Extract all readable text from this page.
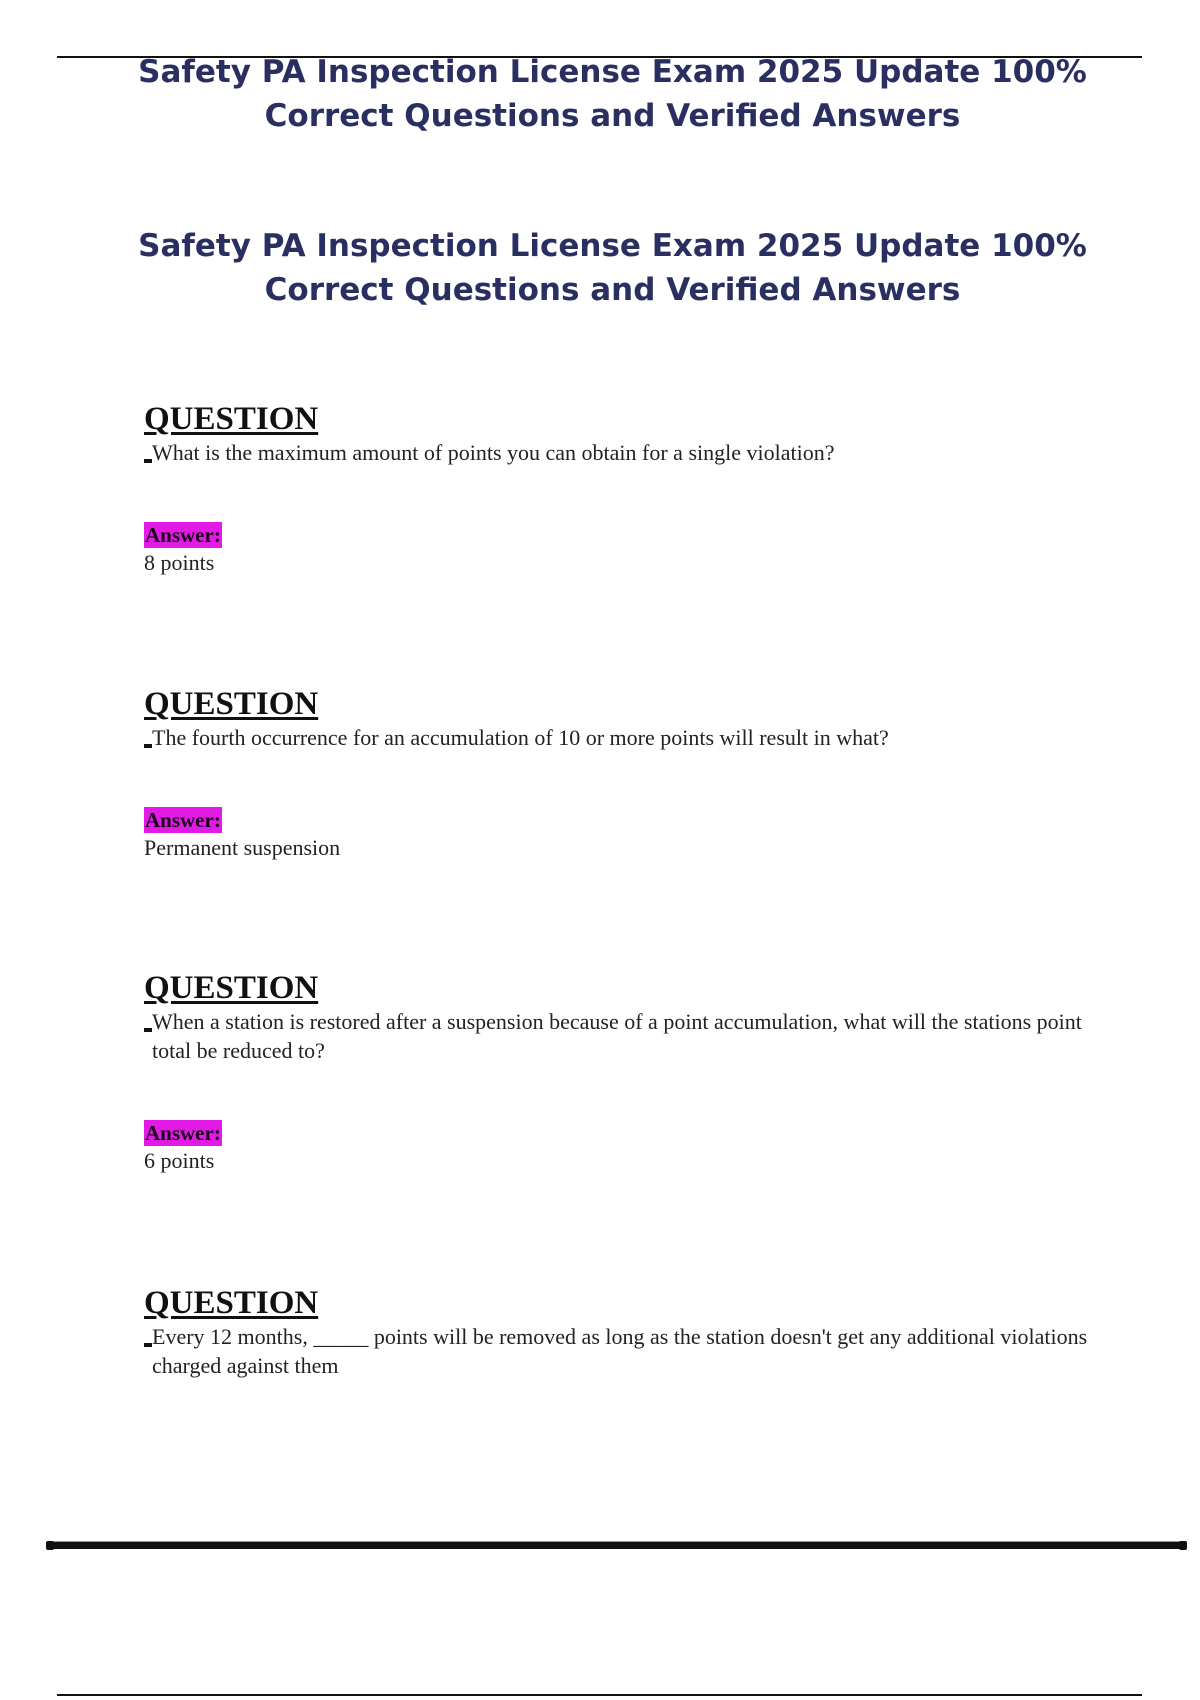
Safety PA Inspection License Exam 2025 Update 100%
Correct Questions and Verified Answers
Safety PA Inspection License Exam 2025 Update 100%
Correct Questions and Verified Answers
QUESTION

What is the maximum amount of points you can obtain for a single violation?

Answer:

8 points

QUESTION

The fourth occurrence for an accumulation of 10 or more points will result in what?

Answer:

Permanent suspension

QUESTION

When a station is restored after a suspension because of a point accumulation, what will the stations point total be reduced to?

Answer:

6 points

QUESTION

Every 12 months, _____ points will be removed as long as the station doesn't get any additional violations charged against them
